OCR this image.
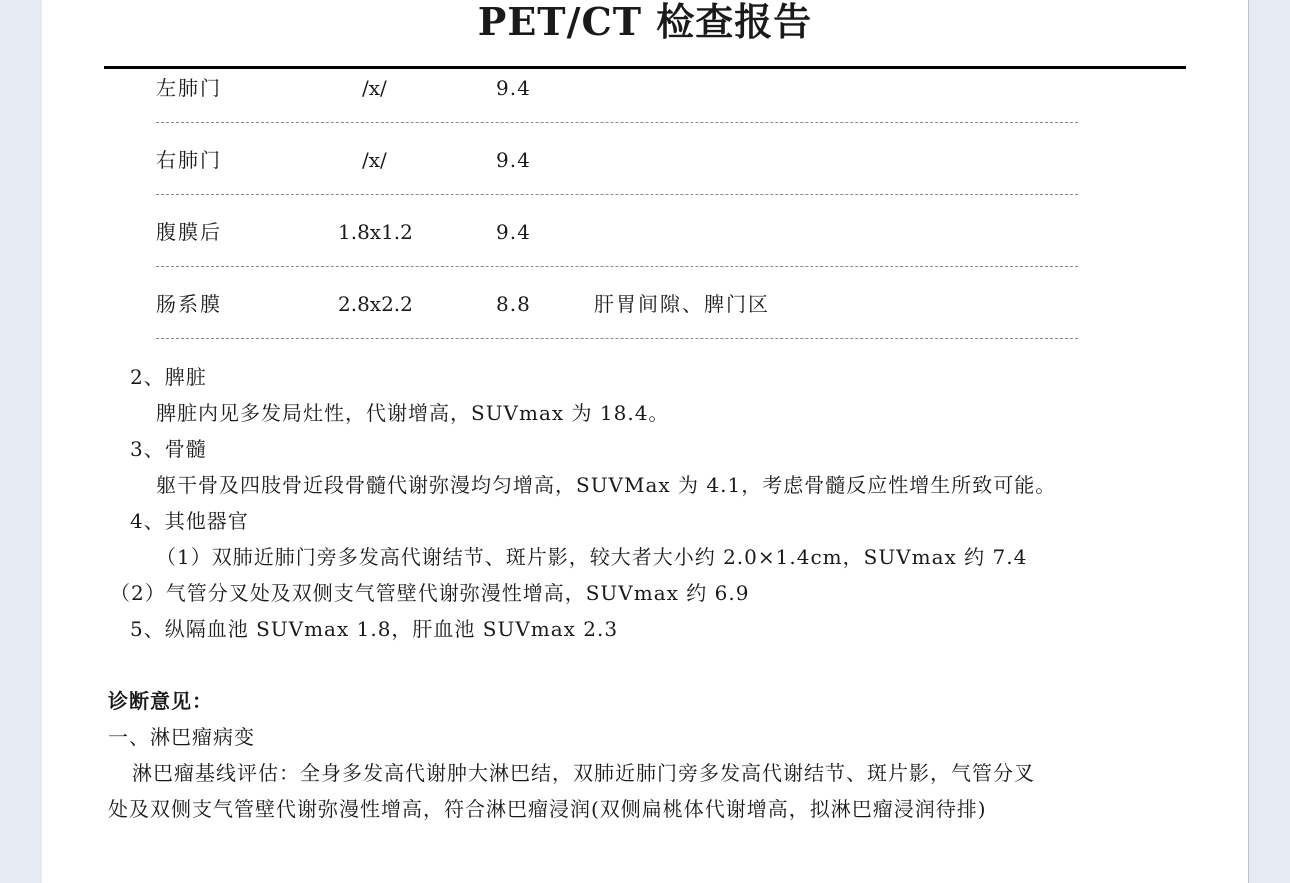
PET/CT 检查报告
左肺门	/x/	9.4
右肺门	/x/	9.4
腹膜后	1.8x1.2	9.4
肠系膜	2.8x2.2	8.8	肝胃间隙、脾门区
2、脾脏
脾脏内见多发局灶性，代谢增高，SUVmax 为 18.4。
3、骨髓
躯干骨及四肢骨近段骨髓代谢弥漫均匀增高，SUVMax 为 4.1，考虑骨髓反应性增生所致可能。
4、其他器官
（1）双肺近肺门旁多发高代谢结节、斑片影，较大者大小约 2.0×1.4cm，SUVmax 约 7.4
（2）气管分叉处及双侧支气管壁代谢弥漫性增高，SUVmax 约 6.9
5、纵隔血池 SUVmax 1.8，肝血池 SUVmax 2.3
诊断意见：
一、淋巴瘤病变
淋巴瘤基线评估：全身多发高代谢肿大淋巴结，双肺近肺门旁多发高代谢结节、斑片影，气管分叉
处及双侧支气管壁代谢弥漫性增高，符合淋巴瘤浸润(双侧扁桃体代谢增高，拟淋巴瘤浸润待排)
